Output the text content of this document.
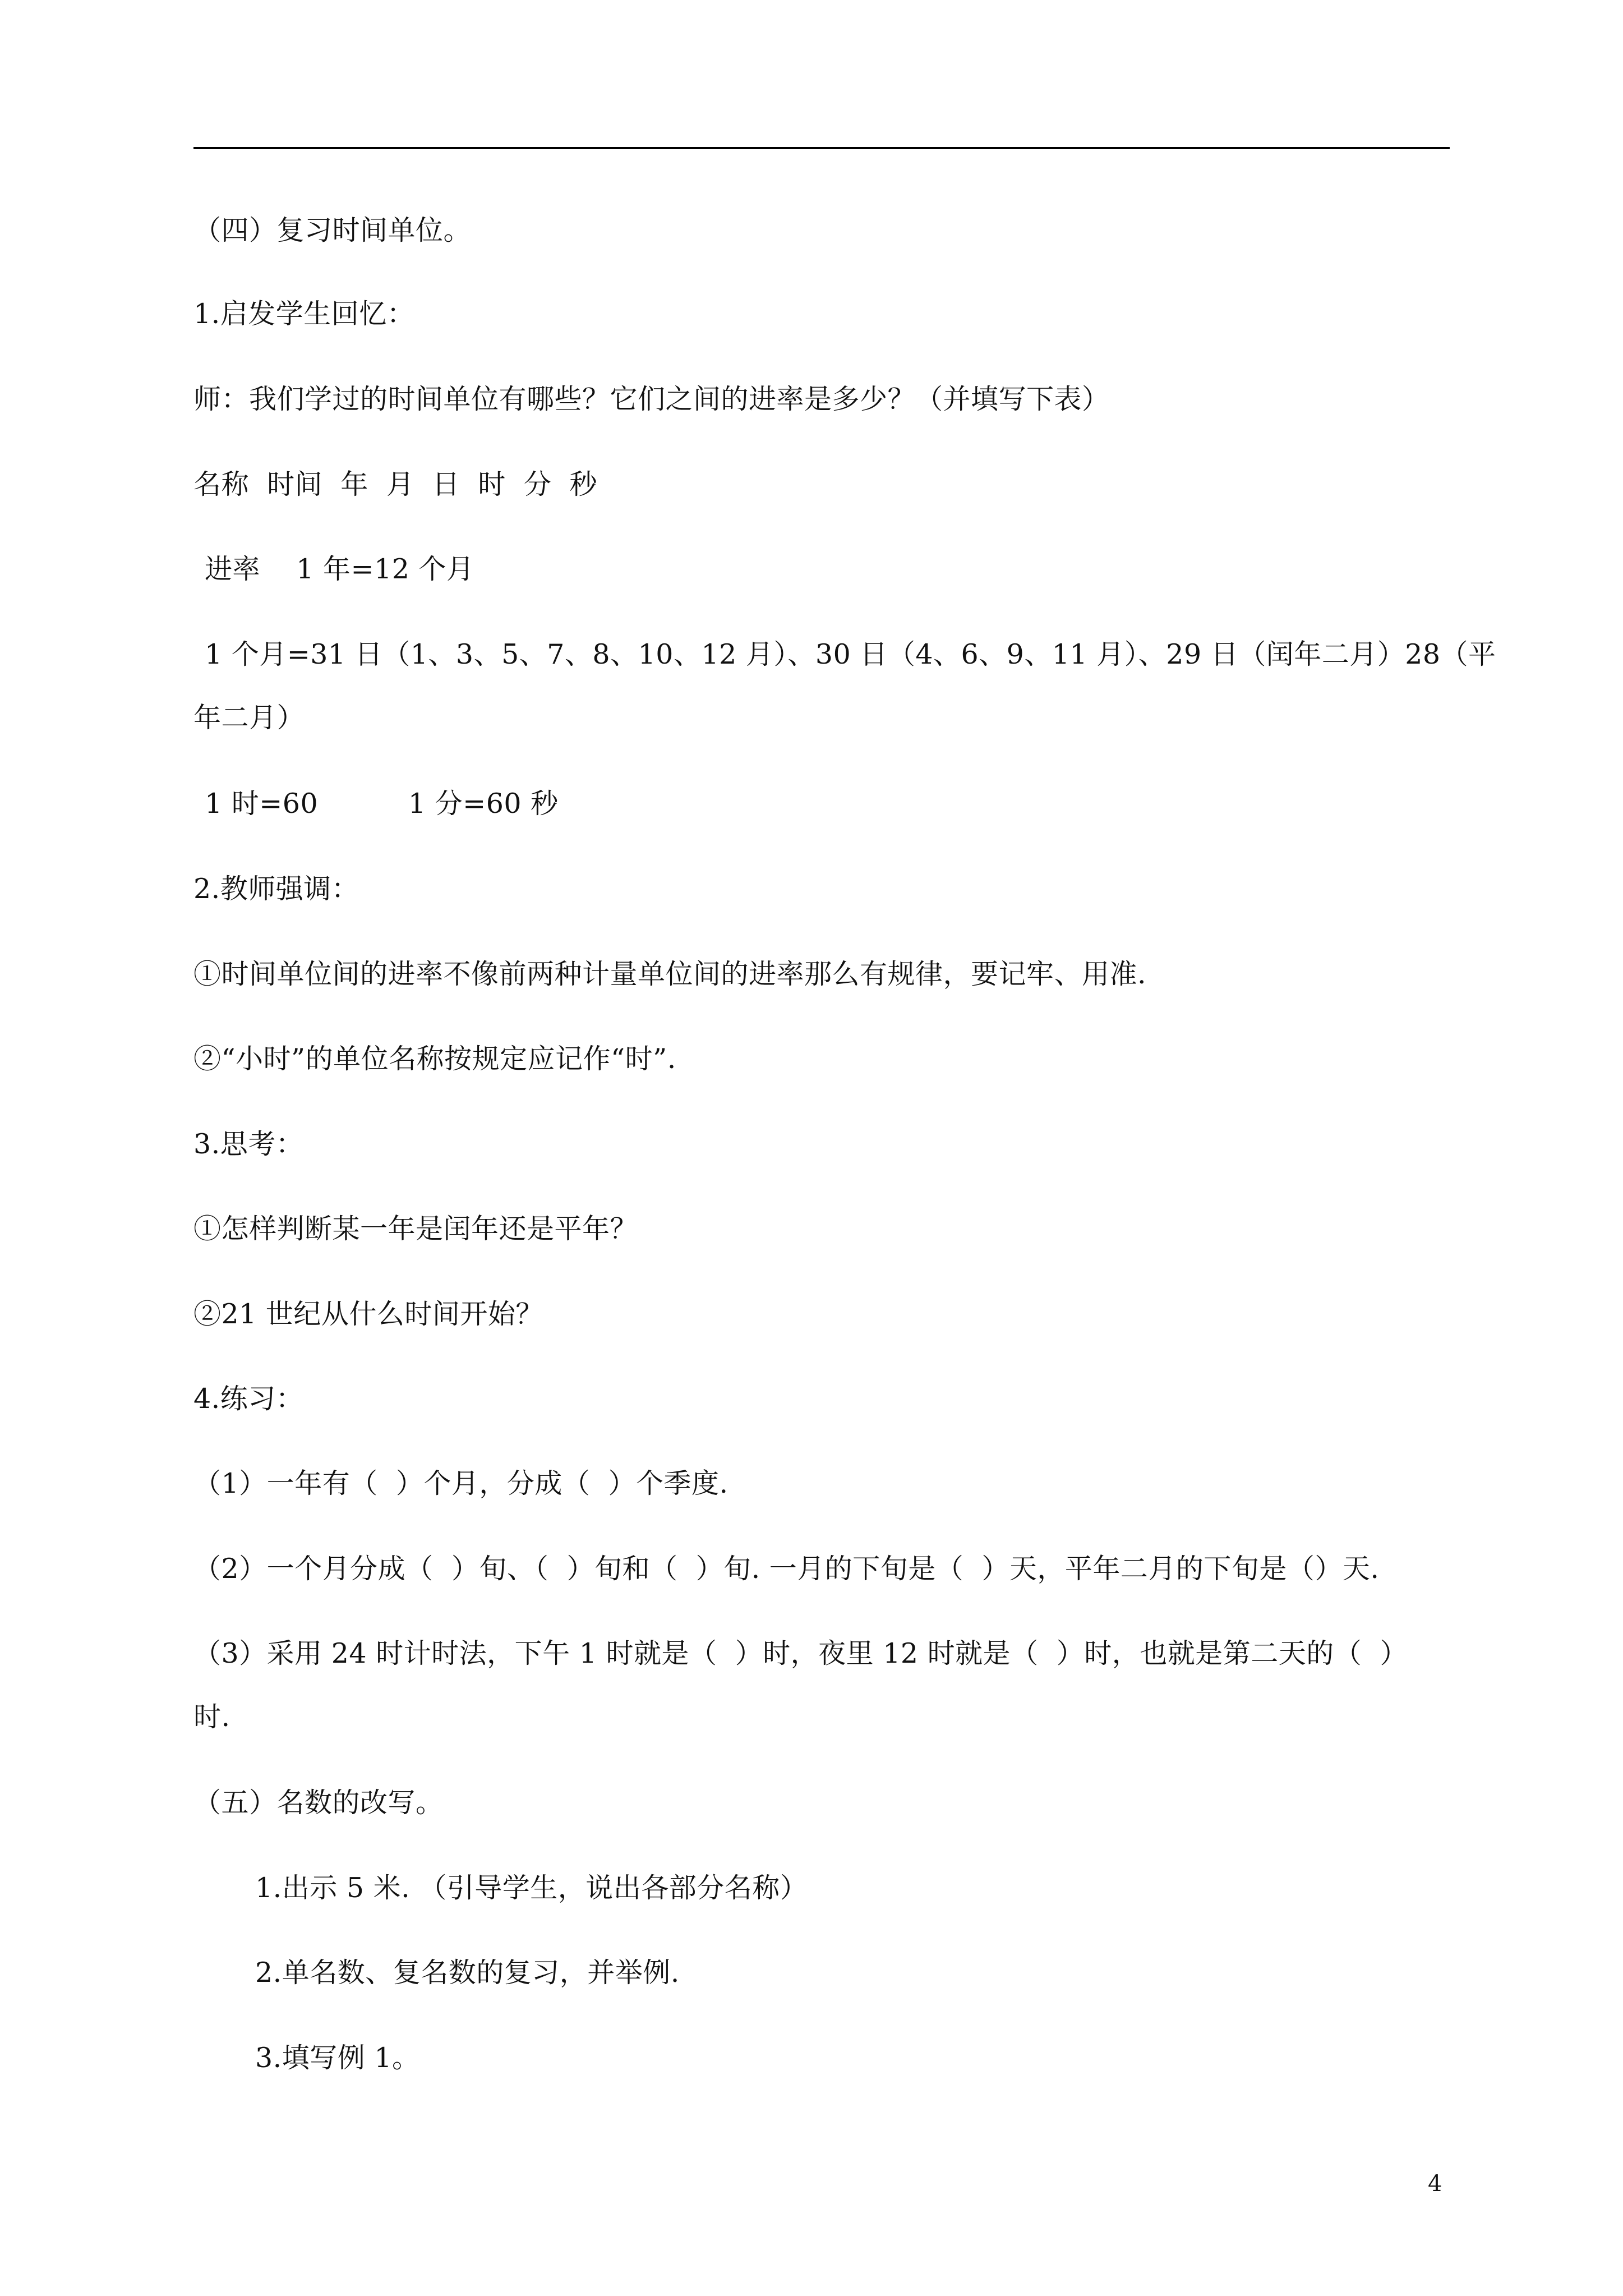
（四）复习时间单位。
1.启发学生回忆：
师：我们学过的时间单位有哪些？它们之间的进率是多少？（并填写下表）
名称  时间  年  月  日  时  分  秒
进率    1 年=12 个月
1 个月=31 日（1、3、5、7、8、10、12 月）、30 日（4、6、9、11 月）、29 日（闰年二月）28（平
年二月）
1 时=60          1 分=60 秒
2.教师强调：
①时间单位间的进率不像前两种计量单位间的进率那么有规律，要记牢、用准.
②“小时”的单位名称按规定应记作“时”.
3.思考：
①怎样判断某一年是闰年还是平年？
②21 世纪从什么时间开始？
4.练习：
（1）一年有（  ）个月，分成（  ）个季度.
（2）一个月分成（  ）旬、（  ）旬和（  ）旬. 一月的下旬是（  ）天，平年二月的下旬是（）天.
（3）采用 24 时计时法，下午 1 时就是（  ）时，夜里 12 时就是（  ）时，也就是第二天的（  ）
时.
（五）名数的改写。
1.出示 5 米. （引导学生，说出各部分名称）
2.单名数、复名数的复习，并举例.
3.填写例 1。
4
